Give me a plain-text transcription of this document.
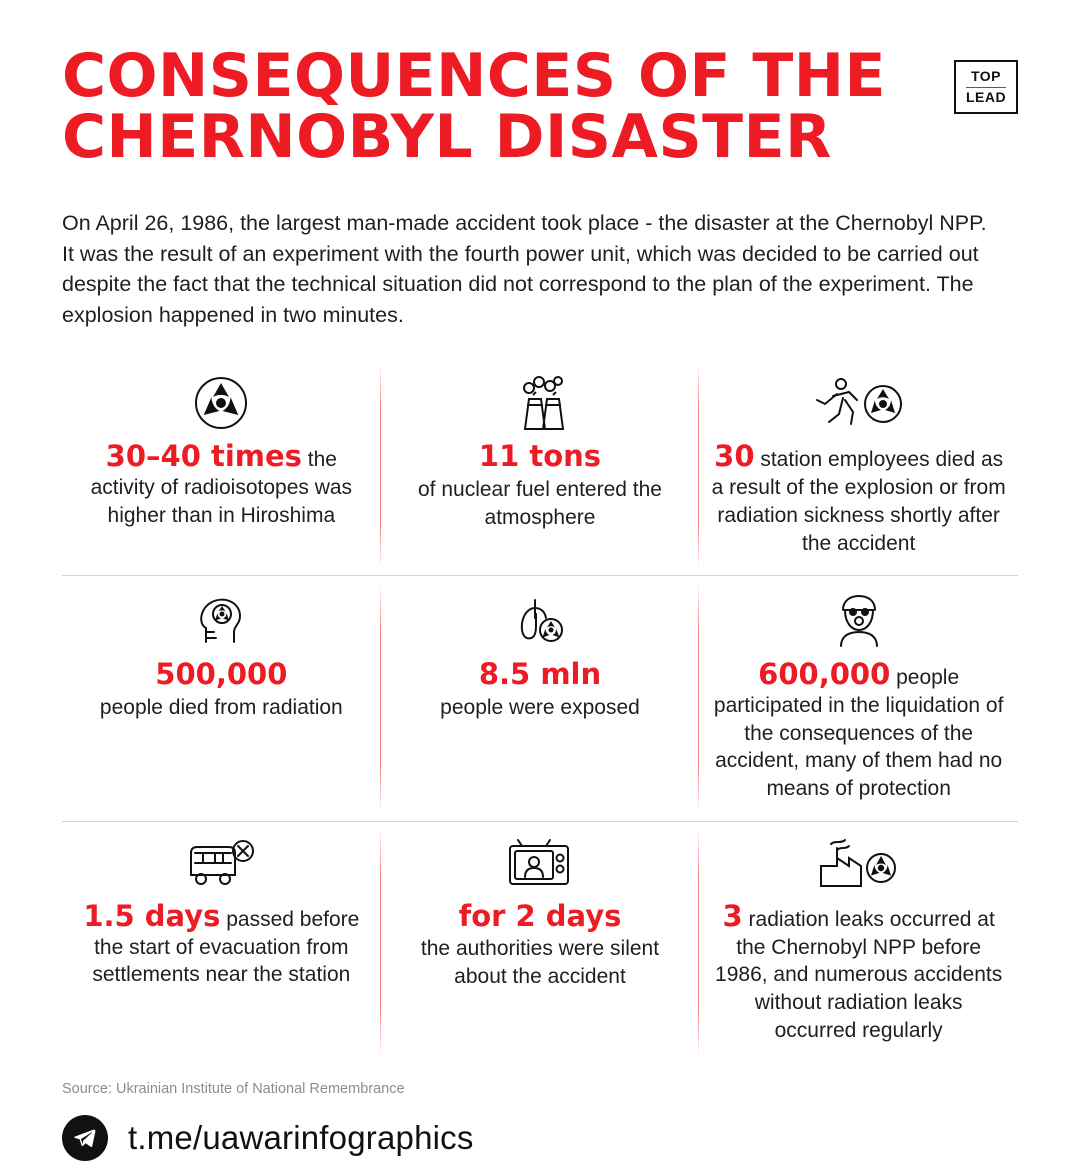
CONSEQUENCES OF THE
CHERNOBYL DISASTER
TOP
LEAD

On April 26, 1986, the largest man-made accident took place - the disaster at the Chernobyl NPP. It was the result of an experiment with the fourth power unit, which was decided to be carried out despite the fact that the technical situation did not correspond to the plan of the experiment. The explosion happened in two minutes.

30–40 times the activity of radioisotopes was higher than in Hiroshima
11 tons
of nuclear fuel entered the atmosphere
30 station employees died as a result of the explosion or from radiation sickness shortly after the accident
500,000
people died from radiation
8.5 mln
people were exposed
600,000 people participated in the liquidation of the consequences of the accident, many of them had no means of protection
1.5 days passed before the start of evacuation from settlements near the station
for 2 days
the authorities were silent about the accident
3 radiation leaks occurred at the Chernobyl NPP before 1986, and numerous accidents without radiation leaks occurred regularly
Source: Ukrainian Institute of National Remembrance
t.me/uawarinfographics
